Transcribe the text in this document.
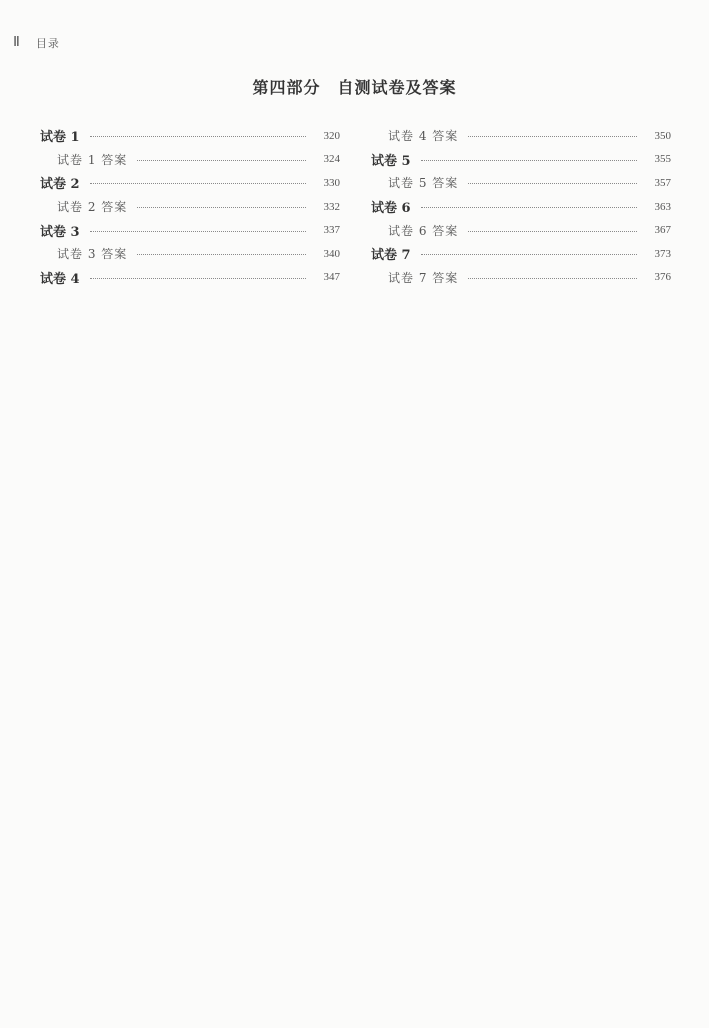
Ⅱ 目录
第四部分　自测试卷及答案
试卷 1	320
试卷 1 答案	324
试卷 2	330
试卷 2 答案	332
试卷 3	337
试卷 3 答案	340
试卷 4	347
试卷 4 答案	350
试卷 5	355
试卷 5 答案	357
试卷 6	363
试卷 6 答案	367
试卷 7	373
试卷 7 答案	376
